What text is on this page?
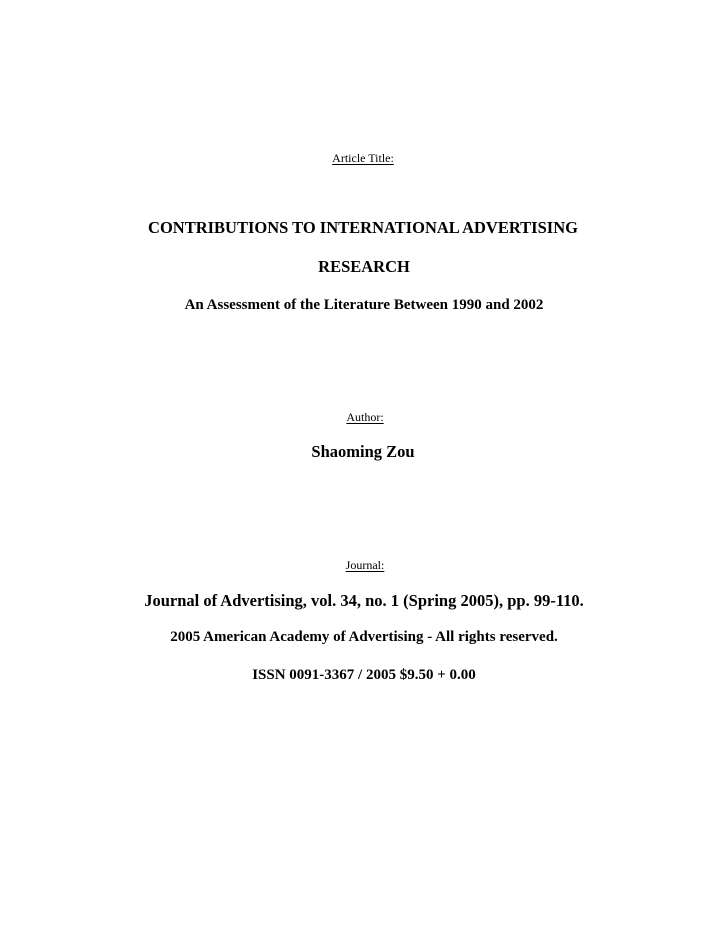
Article Title:
CONTRIBUTIONS TO INTERNATIONAL ADVERTISING
RESEARCH
An Assessment of the Literature Between 1990 and 2002
Author:
Shaoming Zou
Journal:
Journal of Advertising, vol. 34, no. 1 (Spring 2005), pp. 99-110.
2005 American Academy of Advertising - All rights reserved.
ISSN 0091-3367 / 2005 $9.50 + 0.00
